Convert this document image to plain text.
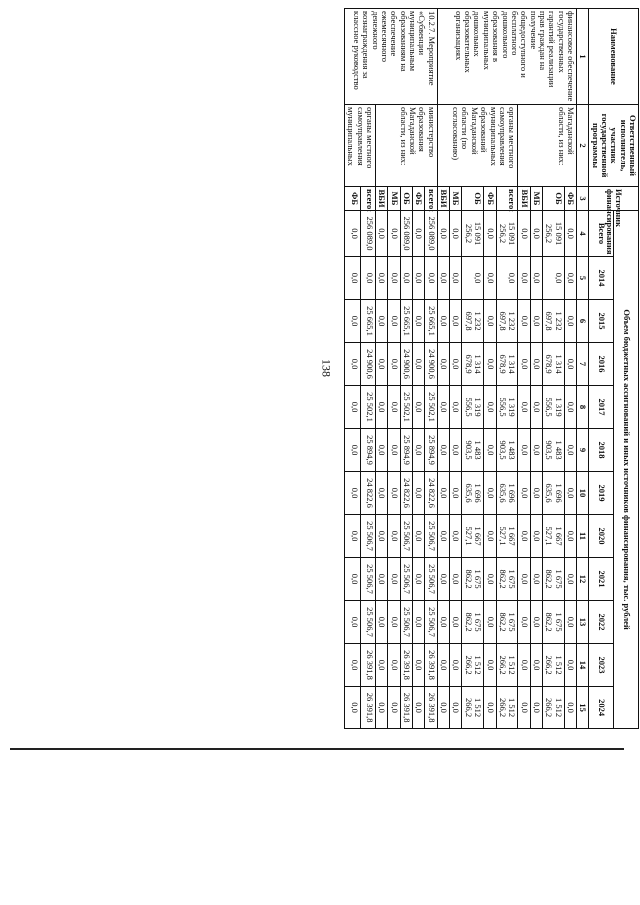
138
Наименование	Ответственный исполнитель, участник государственной программы	Источник финансирования	Объем бюджетных ассигнований и иных источников финансирования, тыс. рублей											
			Всего	2014	2015	2016	2017	2018	2019	2020	2021	2022	2023	2024
1	2	3	4	5	6	7	8	9	10	11	12	13	14	15
финансовое обеспечение государственных гарантий реализации прав граждан на получение общедоступного и бесплатного дошкольного образования в муниципальных дошкольных образовательных организациях	Магаданской области, из них:	ФБ	0,0	0,0	0,0	0,0	0,0	0,0	0,0	0,0	0,0	0,0	0,0	0,0
		ОБ	15 091 256,2	0,0	1 232 697,8	1 314 678,9	1 319 556,5	1 483 903,5	1 696 635,6	1 667 527,1	1 675 862,2	1 675 862,2	1 512 266,2	1 512 266,2
		МБ	0,0	0,0	0,0	0,0	0,0	0,0	0,0	0,0	0,0	0,0	0,0	0,0
		ВБИ	0,0	0,0	0,0	0,0	0,0	0,0	0,0	0,0	0,0	0,0	0,0	0,0
	органы местного самоуправления муниципальных образований Магаданской области (по согласованию)	всего:	15 091 256,2	0,0	1 232 697,8	1 314 678,9	1 319 556,5	1 483 903,5	1 696 635,6	1 667 527,1	1 675 862,2	1 675 862,2	1 512 266,2	1 512 266,2
		ФБ	0,0	0,0	0,0	0,0	0,0	0,0	0,0	0,0	0,0	0,0	0,0	0,0
		ОБ	15 091 256,2	0,0	1 232 697,8	1 314 678,9	1 319 556,5	1 483 903,5	1 696 635,6	1 667 527,1	1 675 862,2	1 675 862,2	1 512 266,2	1 512 266,2
		МБ	0,0	0,0	0,0	0,0	0,0	0,0	0,0	0,0	0,0	0,0	0,0	0,0
		ВБИ	0,0	0,0	0,0	0,0	0,0	0,0	0,0	0,0	0,0	0,0	0,0	0,0
10.2.7. Мероприятие «Субвенции муниципальным образованиям на обеспечение ежемесячного денежного вознаграждения за классное руководство	министерство образования Магаданской области, из них:	всего:	256 089,0	0,0	25 665,1	24 900,6	25 502,1	25 894,9	24 822,6	25 506,7	25 506,7	25 506,7	26 391,8	26 391,8
		ФБ	0,0	0,0	0,0	0,0	0,0	0,0	0,0	0,0	0,0	0,0	0,0	0,0
		ОБ	256 089,0	0,0	25 665,1	24 900,6	25 502,1	25 894,9	24 822,6	25 506,7	25 506,7	25 506,7	26 391,8	26 391,8
		МБ	0,0	0,0	0,0	0,0	0,0	0,0	0,0	0,0	0,0	0,0	0,0	0,0
		ВБИ	0,0	0,0	0,0	0,0	0,0	0,0	0,0	0,0	0,0	0,0	0,0	0,0
	органы местного самоуправления муниципальных	всего:	256 089,0	0,0	25 665,1	24 900,6	25 502,1	25 894,9	24 822,6	25 506,7	25 506,7	25 506,7	26 391,8	26 391,8
		ФБ	0,0	0,0	0,0	0,0	0,0	0,0	0,0	0,0	0,0	0,0	0,0	0,0
